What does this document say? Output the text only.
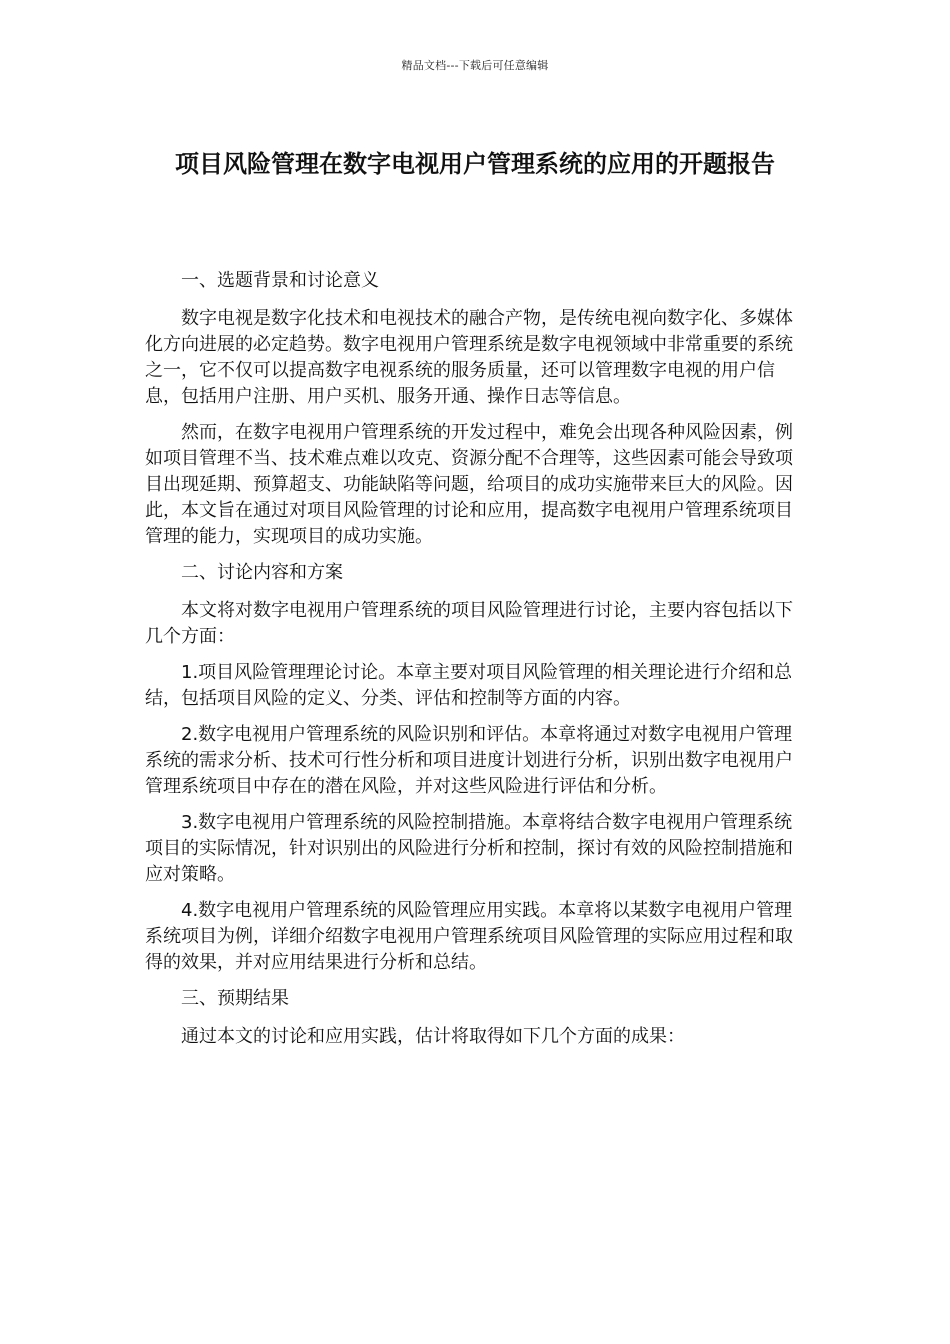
精品文档---下载后可任意编辑
项目风险管理在数字电视用户管理系统的应用的开题报告

一、选题背景和讨论意义

数字电视是数字化技术和电视技术的融合产物，是传统电视向数字化、多媒体化方向进展的必定趋势。数字电视用户管理系统是数字电视领域中非常重要的系统之一，它不仅可以提高数字电视系统的服务质量，还可以管理数字电视的用户信息，包括用户注册、用户买机、服务开通、操作日志等信息。

然而，在数字电视用户管理系统的开发过程中，难免会出现各种风险因素，例如项目管理不当、技术难点难以攻克、资源分配不合理等，这些因素可能会导致项目出现延期、预算超支、功能缺陷等问题，给项目的成功实施带来巨大的风险。因此，本文旨在通过对项目风险管理的讨论和应用，提高数字电视用户管理系统项目管理的能力，实现项目的成功实施。

二、讨论内容和方案

本文将对数字电视用户管理系统的项目风险管理进行讨论，主要内容包括以下几个方面：

1.项目风险管理理论讨论。本章主要对项目风险管理的相关理论进行介绍和总结，包括项目风险的定义、分类、评估和控制等方面的内容。

2.数字电视用户管理系统的风险识别和评估。本章将通过对数字电视用户管理系统的需求分析、技术可行性分析和项目进度计划进行分析，识别出数字电视用户管理系统项目中存在的潜在风险，并对这些风险进行评估和分析。

3.数字电视用户管理系统的风险控制措施。本章将结合数字电视用户管理系统项目的实际情况，针对识别出的风险进行分析和控制，探讨有效的风险控制措施和应对策略。

4.数字电视用户管理系统的风险管理应用实践。本章将以某数字电视用户管理系统项目为例，详细介绍数字电视用户管理系统项目风险管理的实际应用过程和取得的效果，并对应用结果进行分析和总结。

三、预期结果

通过本文的讨论和应用实践，估计将取得如下几个方面的成果：
